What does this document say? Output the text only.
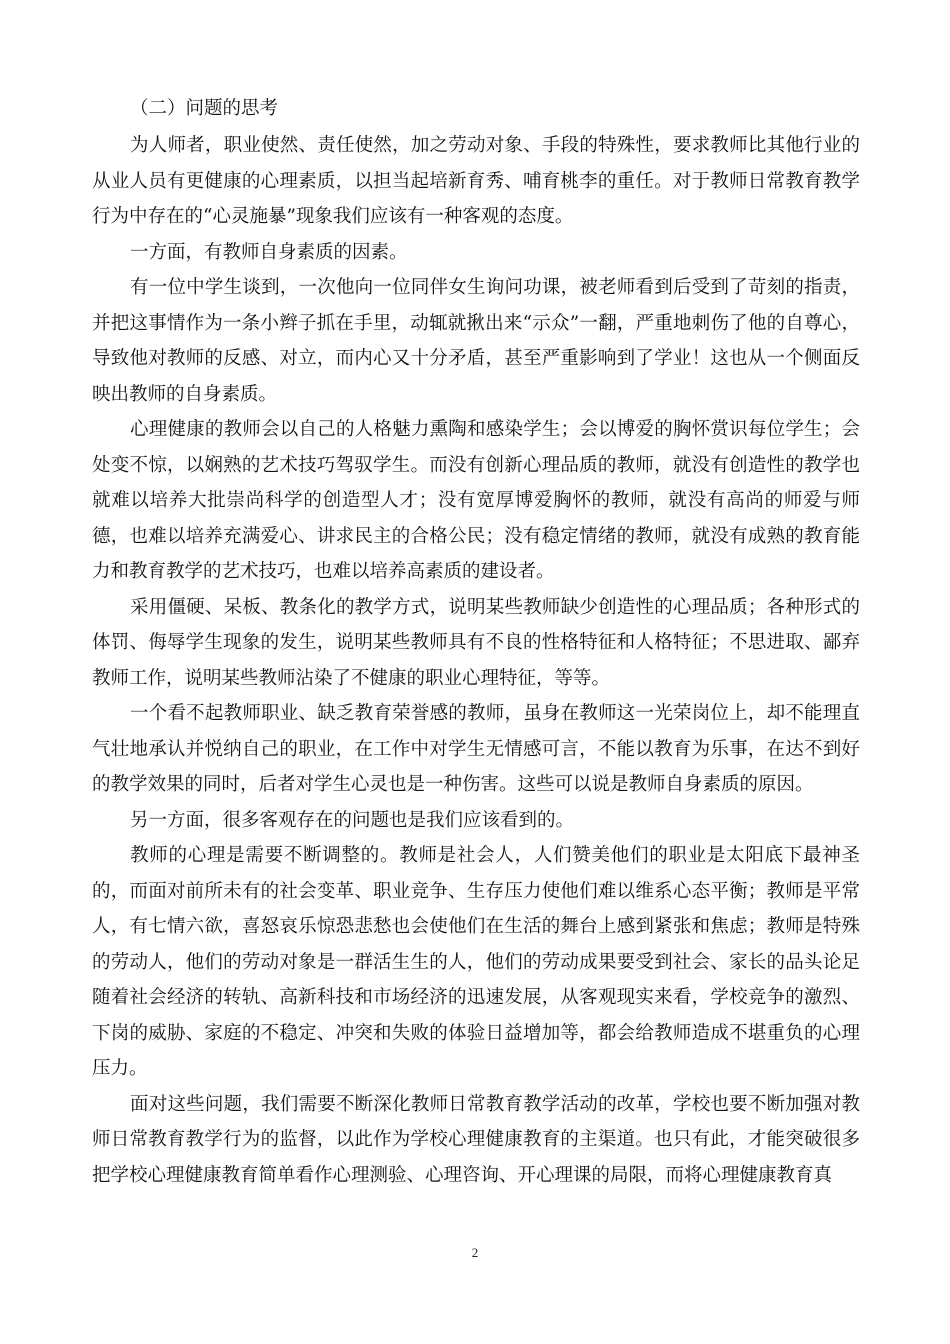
（二）问题的思考

为人师者，职业使然、责任使然，加之劳动对象、手段的特殊性，要求教师比其他行业的从业人员有更健康的心理素质，以担当起培新育秀、哺育桃李的重任。对于教师日常教育教学行为中存在的“心灵施暴”现象我们应该有一种客观的态度。

一方面，有教师自身素质的因素。

有一位中学生谈到，一次他向一位同伴女生询问功课，被老师看到后受到了苛刻的指责，并把这事情作为一条小辫子抓在手里，动辄就揪出来“示众”一翻，严重地刺伤了他的自尊心，导致他对教师的反感、对立，而内心又十分矛盾，甚至严重影响到了学业！这也从一个侧面反映出教师的自身素质。

心理健康的教师会以自己的人格魅力熏陶和感染学生；会以博爱的胸怀赏识每位学生；会处变不惊，以娴熟的艺术技巧驾驭学生。而没有创新心理品质的教师，就没有创造性的教学也就难以培养大批崇尚科学的创造型人才；没有宽厚博爱胸怀的教师，就没有高尚的师爱与师德，也难以培养充满爱心、讲求民主的合格公民；没有稳定情绪的教师，就没有成熟的教育能力和教育教学的艺术技巧，也难以培养高素质的建设者。

采用僵硬、呆板、教条化的教学方式，说明某些教师缺少创造性的心理品质；各种形式的体罚、侮辱学生现象的发生，说明某些教师具有不良的性格特征和人格特征；不思进取、鄙弃教师工作，说明某些教师沾染了不健康的职业心理特征，等等。

一个看不起教师职业、缺乏教育荣誉感的教师，虽身在教师这一光荣岗位上，却不能理直气壮地承认并悦纳自己的职业，在工作中对学生无情感可言，不能以教育为乐事，在达不到好的教学效果的同时，后者对学生心灵也是一种伤害。这些可以说是教师自身素质的原因。

另一方面，很多客观存在的问题也是我们应该看到的。

教师的心理是需要不断调整的。教师是社会人，人们赞美他们的职业是太阳底下最神圣的，而面对前所未有的社会变革、职业竞争、生存压力使他们难以维系心态平衡；教师是平常人，有七情六欲，喜怒哀乐惊恐悲愁也会使他们在生活的舞台上感到紧张和焦虑；教师是特殊的劳动人，他们的劳动对象是一群活生生的人，他们的劳动成果要受到社会、家长的品头论足随着社会经济的转轨、高新科技和市场经济的迅速发展，从客观现实来看，学校竞争的激烈、下岗的威胁、家庭的不稳定、冲突和失败的体验日益增加等，都会给教师造成不堪重负的心理压力。

面对这些问题，我们需要不断深化教师日常教育教学活动的改革，学校也要不断加强对教师日常教育教学行为的监督，以此作为学校心理健康教育的主渠道。也只有此，才能突破很多把学校心理健康教育简单看作心理测验、心理咨询、开心理课的局限，而将心理健康教育真

2
